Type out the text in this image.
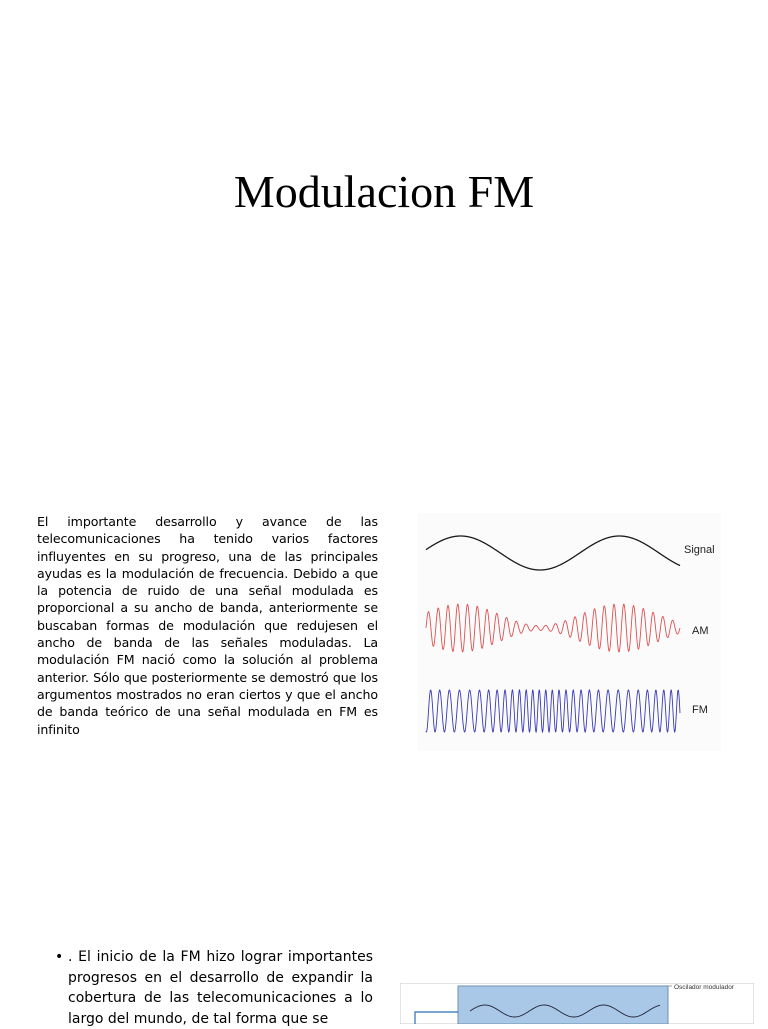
Modulacion FM

El importante desarrollo y avance de las telecomunicaciones ha tenido varios factores influyentes en su progreso, una de las principales ayudas es la modulación de frecuencia. Debido a que la potencia de ruido de una señal modulada es proporcional a su ancho de banda, anteriormente se buscaban formas de modulación que redujesen el ancho de banda de las señales moduladas. La modulación FM nació como la solución al problema anterior. Sólo que posteriormente se demostró que los argumentos mostrados no eran ciertos y que el ancho de banda teórico de una señal modulada en FM es infinito

Signal
AM
FM
• . El inicio de la FM hizo lograr importantes progresos en el desarrollo de expandir la cobertura de las telecomunicaciones a lo largo del mundo, de tal forma que se
Oscilador modulador
